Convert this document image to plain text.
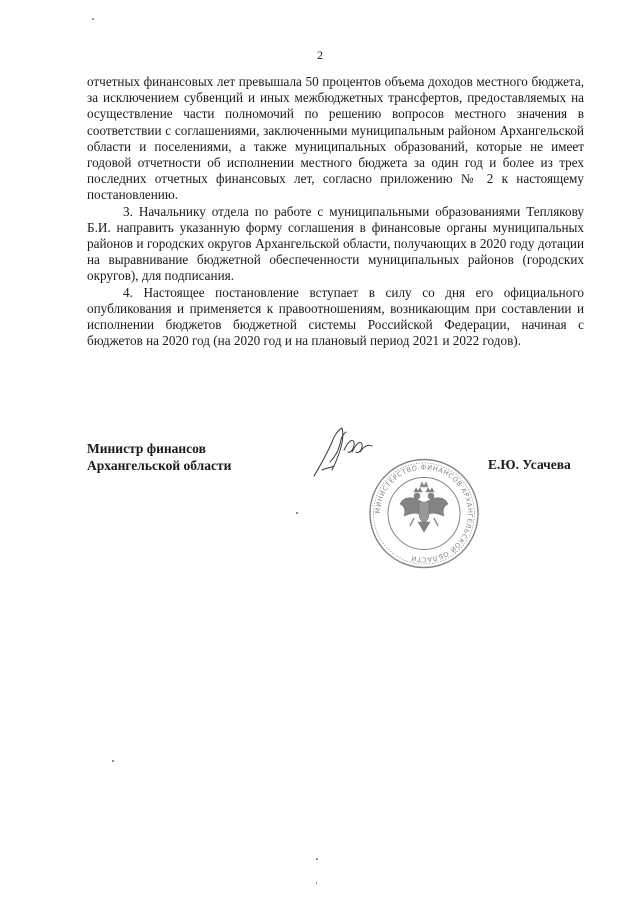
2

отчетных финансовых лет превышала 50 процентов объема доходов местного бюджета, за исключением субвенций и иных межбюджетных трансфертов, предоставляемых на осуществление части полномочий по решению вопросов местного значения в соответствии с соглашениями, заключенными муниципальным районом Архангельской области и поселениями, а также муниципальных образований, которые не имеет годовой отчетности об исполнении местного бюджета за один год и более из трех последних отчетных финансовых лет, согласно приложению № 2 к настоящему постановлению.

3. Начальнику отдела по работе с муниципальными образованиями Теплякову Б.И. направить указанную форму соглашения в финансовые органы муниципальных районов и городских округов Архангельской области, получающих в 2020 году дотации на выравнивание бюджетной обеспеченности муниципальных районов (городских округов), для подписания.

4. Настоящее постановление вступает в силу со дня его официального опубликования и применяется к правоотношениям, возникающим при составлении и исполнении бюджетов бюджетной системы Российской Федерации, начиная с бюджетов на 2020 год (на 2020 год и на плановый период 2021 и 2022 годов).

Министр финансов
Архангельской области
МИНИСТЕРСТВО ФИНАНСОВ АРХАНГЕЛЬСКОЙ ОБЛАСТИ
Е.Ю. Усачева
